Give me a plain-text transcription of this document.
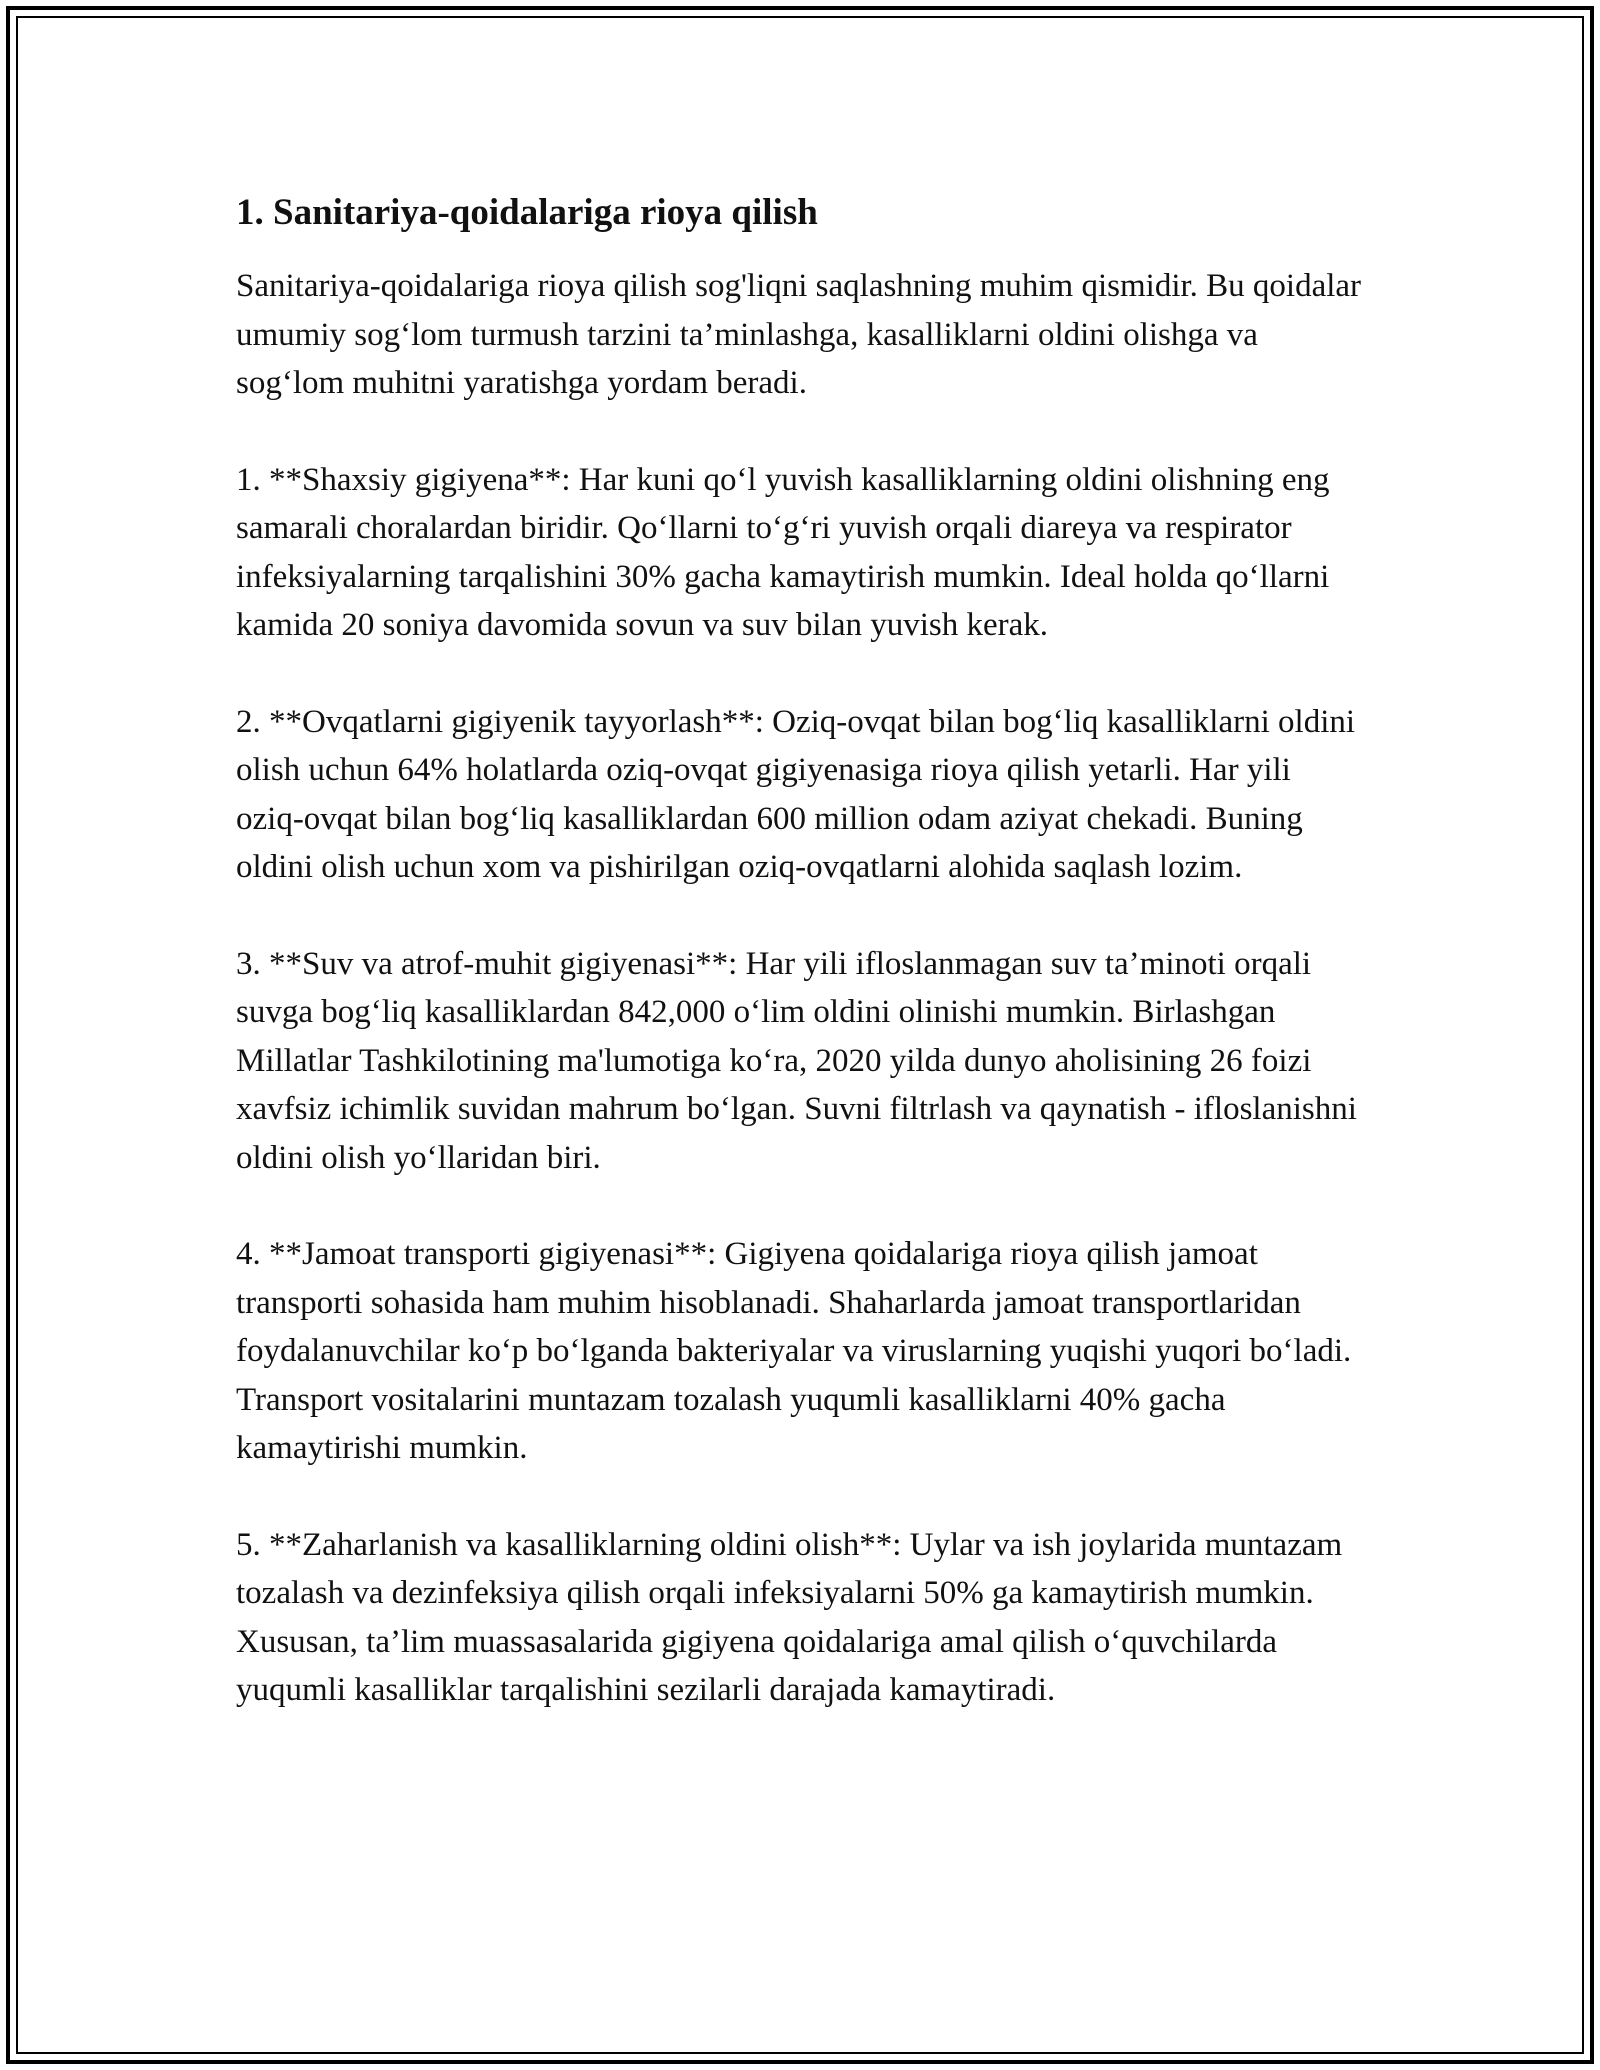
1. Sanitariya-qoidalariga rioya qilish

Sanitariya-qoidalariga rioya qilish sog'liqni saqlashning muhim qismidir. Bu qoidalar umumiy sog‘lom turmush tarzini ta’minlashga, kasalliklarni oldini olishga va sog‘lom muhitni yaratishga yordam beradi.

1. **Shaxsiy gigiyena**: Har kuni qo‘l yuvish kasalliklarning oldini olishning eng samarali choralardan biridir. Qo‘llarni to‘g‘ri yuvish orqali diareya va respirator infeksiyalarning tarqalishini 30% gacha kamaytirish mumkin. Ideal holda qo‘llarni kamida 20 soniya davomida sovun va suv bilan yuvish kerak.

2. **Ovqatlarni gigiyenik tayyorlash**: Oziq-ovqat bilan bog‘liq kasalliklarni oldini olish uchun 64% holatlarda oziq-ovqat gigiyenasiga rioya qilish yetarli. Har yili oziq-ovqat bilan bog‘liq kasalliklardan 600 million odam aziyat chekadi. Buning oldini olish uchun xom va pishirilgan oziq-ovqatlarni alohida saqlash lozim.

3. **Suv va atrof-muhit gigiyenasi**: Har yili ifloslanmagan suv ta’minoti orqali suvga bog‘liq kasalliklardan 842,000 o‘lim oldini olinishi mumkin. Birlashgan Millatlar Tashkilotining ma'lumotiga ko‘ra, 2020 yilda dunyo aholisining 26 foizi xavfsiz ichimlik suvidan mahrum bo‘lgan. Suvni filtrlash va qaynatish - ifloslanishni oldini olish yo‘llaridan biri.

4. **Jamoat transporti gigiyenasi**: Gigiyena qoidalariga rioya qilish jamoat transporti sohasida ham muhim hisoblanadi. Shaharlarda jamoat transportlaridan foydalanuvchilar ko‘p bo‘lganda bakteriyalar va viruslarning yuqishi yuqori bo‘ladi. Transport vositalarini muntazam tozalash yuqumli kasalliklarni 40% gacha kamaytirishi mumkin.

5. **Zaharlanish va kasalliklarning oldini olish**: Uylar va ish joylarida muntazam tozalash va dezinfeksiya qilish orqali infeksiyalarni 50% ga kamaytirish mumkin. Xususan, ta’lim muassasalarida gigiyena qoidalariga amal qilish o‘quvchilarda yuqumli kasalliklar tarqalishini sezilarli darajada kamaytiradi.
